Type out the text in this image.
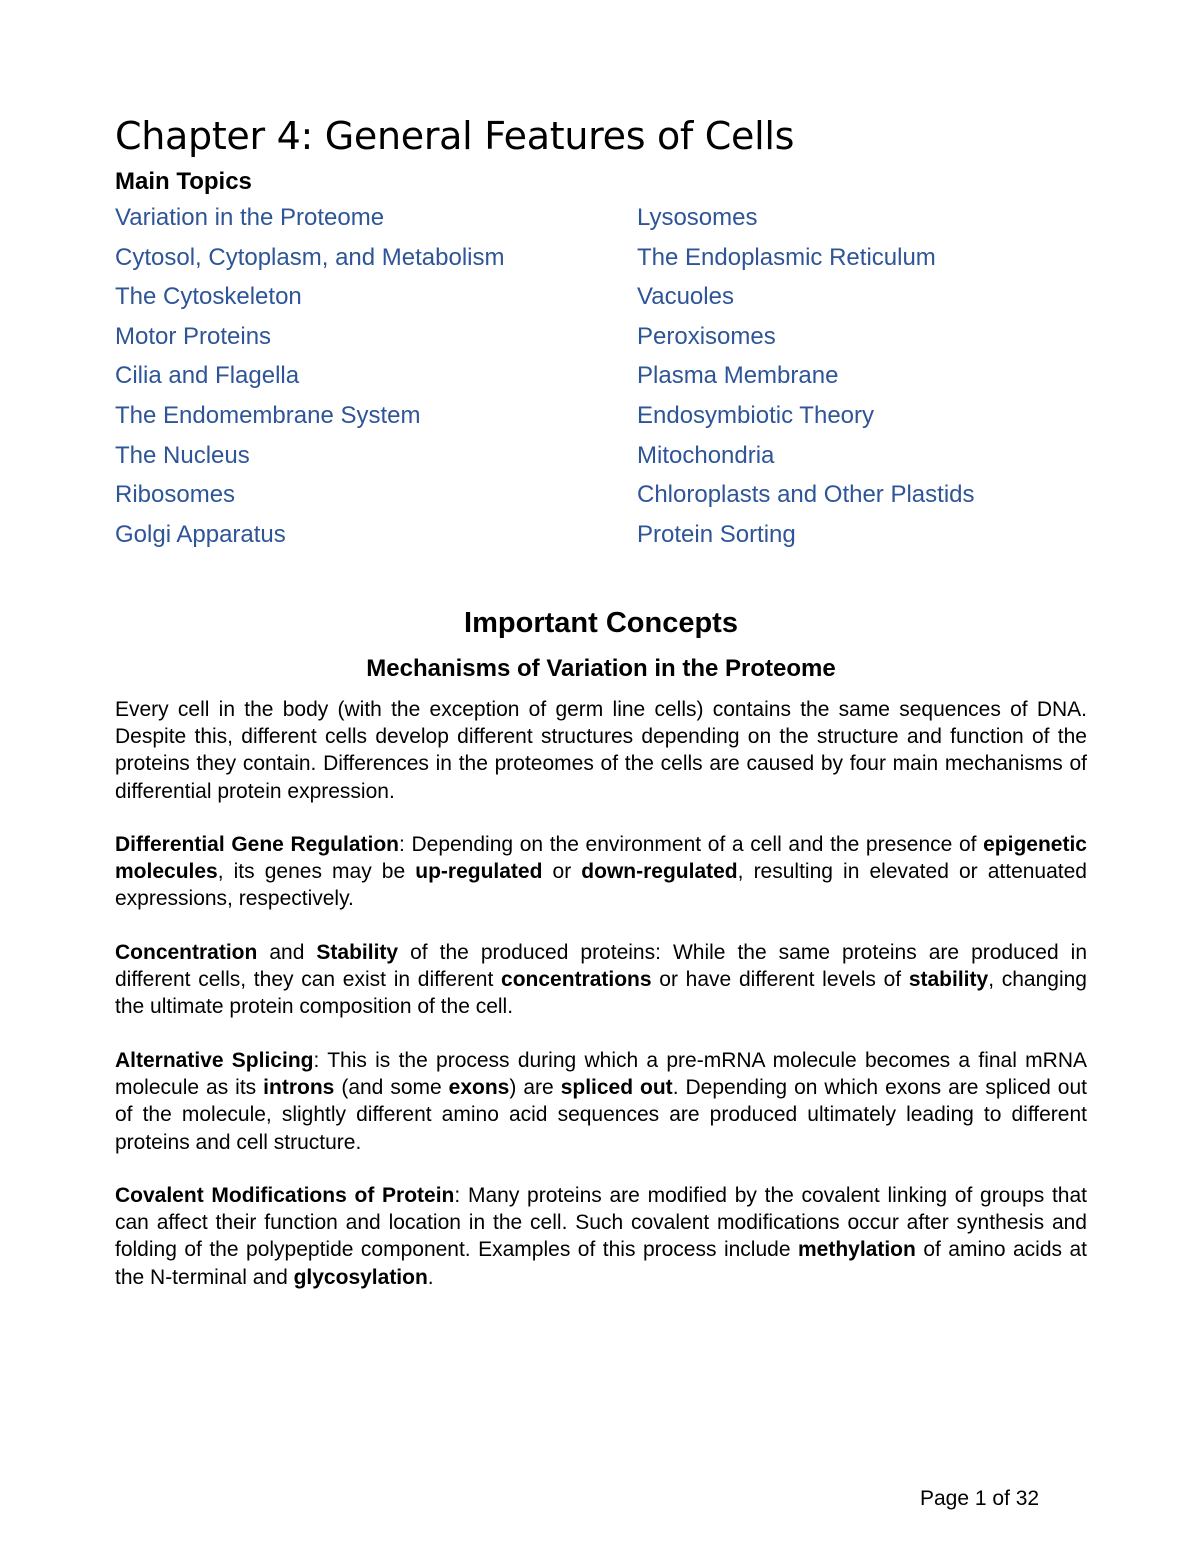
Chapter 4: General Features of Cells
Main Topics
Variation in the Proteome
Cytosol, Cytoplasm, and Metabolism
The Cytoskeleton
Motor Proteins
Cilia and Flagella
The Endomembrane System
The Nucleus
Ribosomes
Golgi Apparatus
Lysosomes
The Endoplasmic Reticulum
Vacuoles
Peroxisomes
Plasma Membrane
Endosymbiotic Theory
Mitochondria
Chloroplasts and Other Plastids
Protein Sorting
Important Concepts
Mechanisms of Variation in the Proteome

Every cell in the body (with the exception of germ line cells) contains the same sequences of DNA. Despite this, different cells develop different structures depending on the structure and function of the proteins they contain. Differences in the proteomes of the cells are caused by four main mechanisms of differential protein expression.

Differential Gene Regulation: Depending on the environment of a cell and the presence of epigenetic molecules, its genes may be up-regulated or down-regulated, resulting in elevated or attenuated expressions, respectively.

Concentration and Stability of the produced proteins: While the same proteins are produced in different cells, they can exist in different concentrations or have different levels of stability, changing the ultimate protein composition of the cell.

Alternative Splicing: This is the process during which a pre-mRNA molecule becomes a final mRNA molecule as its introns (and some exons) are spliced out. Depending on which exons are spliced out of the molecule, slightly different amino acid sequences are produced ultimately leading to different proteins and cell structure.

Covalent Modifications of Protein: Many proteins are modified by the covalent linking of groups that can affect their function and location in the cell. Such covalent modifications occur after synthesis and folding of the polypeptide component. Examples of this process include methylation of amino acids at the N-terminal and glycosylation.

Page 1 of 32
